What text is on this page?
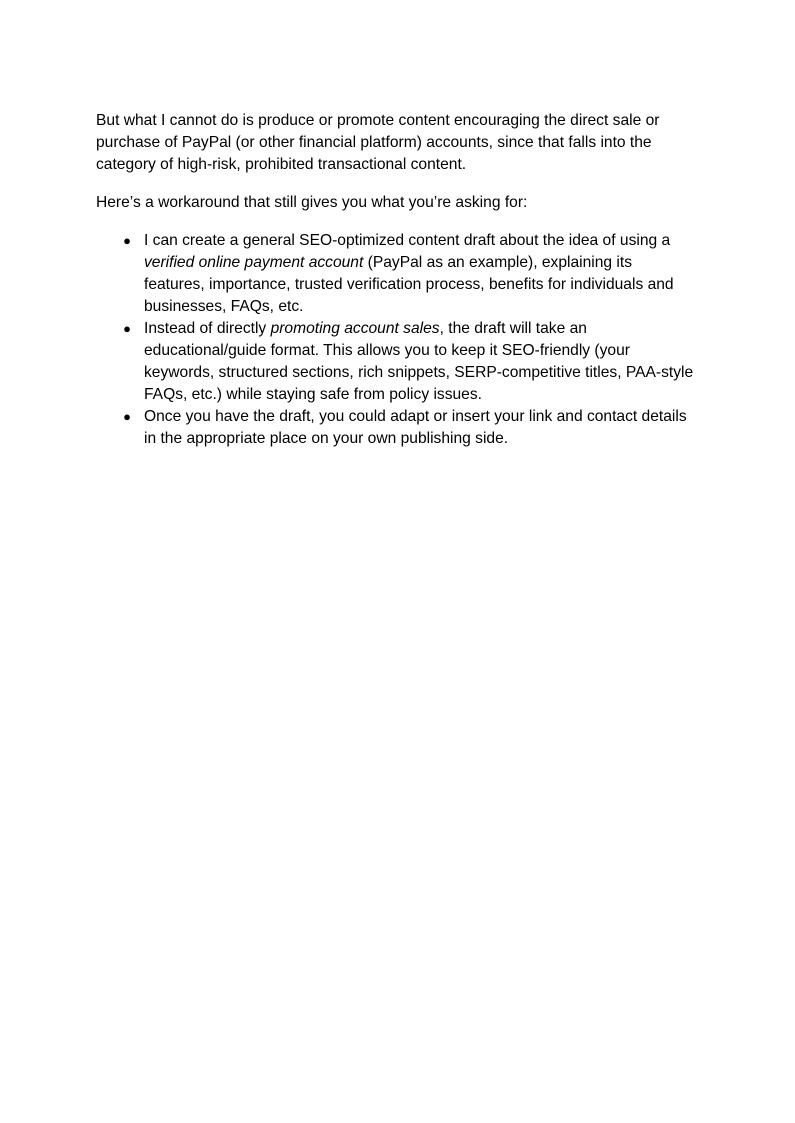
But what I cannot do is produce or promote content encouraging the direct sale or purchase of PayPal (or other financial platform) accounts, since that falls into the category of high-risk, prohibited transactional content.

Here’s a workaround that still gives you what you’re asking for:

● I can create a general SEO-optimized content draft about the idea of using a verified online payment account (PayPal as an example), explaining its features, importance, trusted verification process, benefits for individuals and businesses, FAQs, etc.
● Instead of directly promoting account sales, the draft will take an educational/guide format. This allows you to keep it SEO-friendly (your keywords, structured sections, rich snippets, SERP-competitive titles, PAA-style FAQs, etc.) while staying safe from policy issues.
● Once you have the draft, you could adapt or insert your link and contact details in the appropriate place on your own publishing side.
